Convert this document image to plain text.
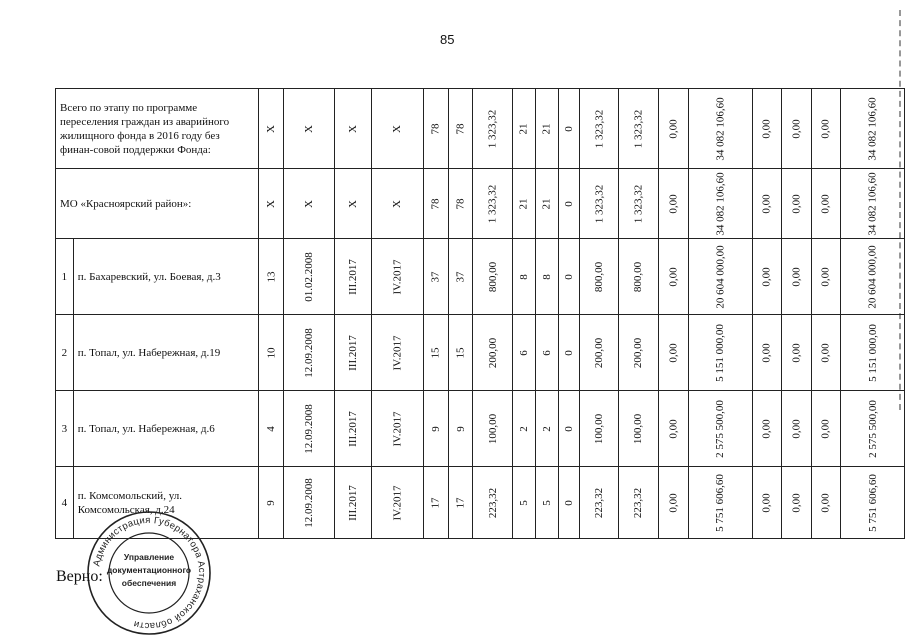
85
Всего по этапу по программе переселения граждан из аварийного жилищного фонда в 2016 году без финан-совой поддержки Фонда:		Х	Х	Х	Х	78	78	1 323,32	21	21	0	1 323,32	1 323,32	0,00	34 082 106,60	0,00	0,00	0,00	34 082 106,60

МО «Красноярский район»:		Х	Х	Х	Х	78	78	1 323,32	21	21	0	1 323,32	1 323,32	0,00	34 082 106,60	0,00	0,00	0,00	34 082 106,60

1	п. Бахаревский, ул. Боевая, д.3	13	01.02.2008	III.2017	IV.2017	37	37	800,00	8	8	0	800,00	800,00	0,00	20 604 000,00	0,00	0,00	0,00	20 604 000,00

2	п. Топал, ул. Набережная, д.19	10	12.09.2008	III.2017	IV.2017	15	15	200,00	6	6	0	200,00	200,00	0,00	5 151 000,00	0,00	0,00	0,00	5 151 000,00

3	п. Топал, ул. Набережная, д.6	4	12.09.2008	III.2017	IV.2017	9	9	100,00	2	2	0	100,00	100,00	0,00	2 575 500,00	0,00	0,00	0,00	2 575 500,00

4	п. Комсомольский, ул. Комсомольская, д.24	9	12.09.2008	III.2017	IV.2017	17	17	223,32	5	5	0	223,32	223,32	0,00	5 751 606,60	0,00	0,00	0,00	5 751 606,60
Администрация Губернатора Астраханской области
Управление
документационного
обеспечения
Верно:
